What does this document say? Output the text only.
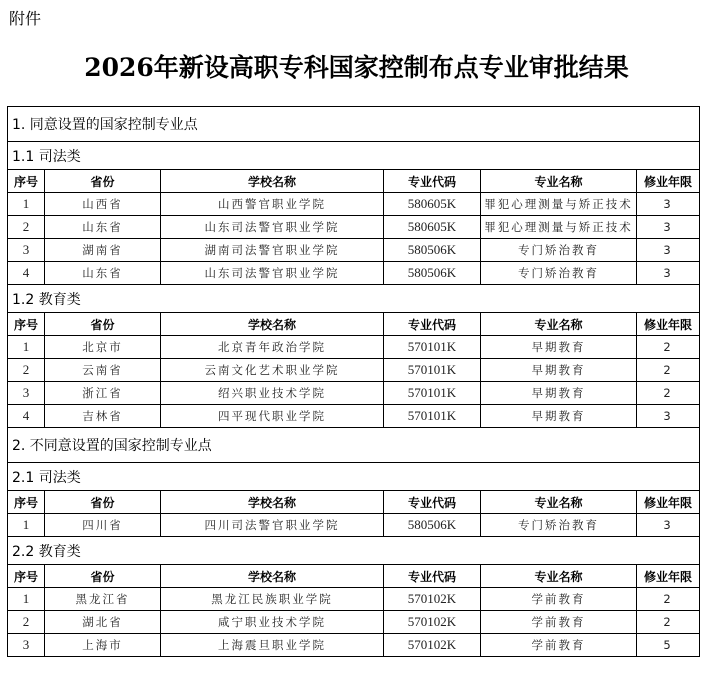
附件
2026年新设高职专科国家控制布点专业审批结果
1. 同意设置的国家控制专业点					
1.1 司法类					
序号	省份	学校名称	专业代码	专业名称	修业年限
1	山西省	山西警官职业学院	580605K	罪犯心理测量与矫正技术	3
2	山东省	山东司法警官职业学院	580605K	罪犯心理测量与矫正技术	3
3	湖南省	湖南司法警官职业学院	580506K	专门矫治教育	3
4	山东省	山东司法警官职业学院	580506K	专门矫治教育	3
1.2 教育类					
序号	省份	学校名称	专业代码	专业名称	修业年限
1	北京市	北京青年政治学院	570101K	早期教育	2
2	云南省	云南文化艺术职业学院	570101K	早期教育	2
3	浙江省	绍兴职业技术学院	570101K	早期教育	2
4	吉林省	四平现代职业学院	570101K	早期教育	3
2. 不同意设置的国家控制专业点					
2.1 司法类					
序号	省份	学校名称	专业代码	专业名称	修业年限
1	四川省	四川司法警官职业学院	580506K	专门矫治教育	3
2.2 教育类					
序号	省份	学校名称	专业代码	专业名称	修业年限
1	黑龙江省	黑龙江民族职业学院	570102K	学前教育	2
2	湖北省	咸宁职业技术学院	570102K	学前教育	2
3	上海市	上海震旦职业学院	570102K	学前教育	5
